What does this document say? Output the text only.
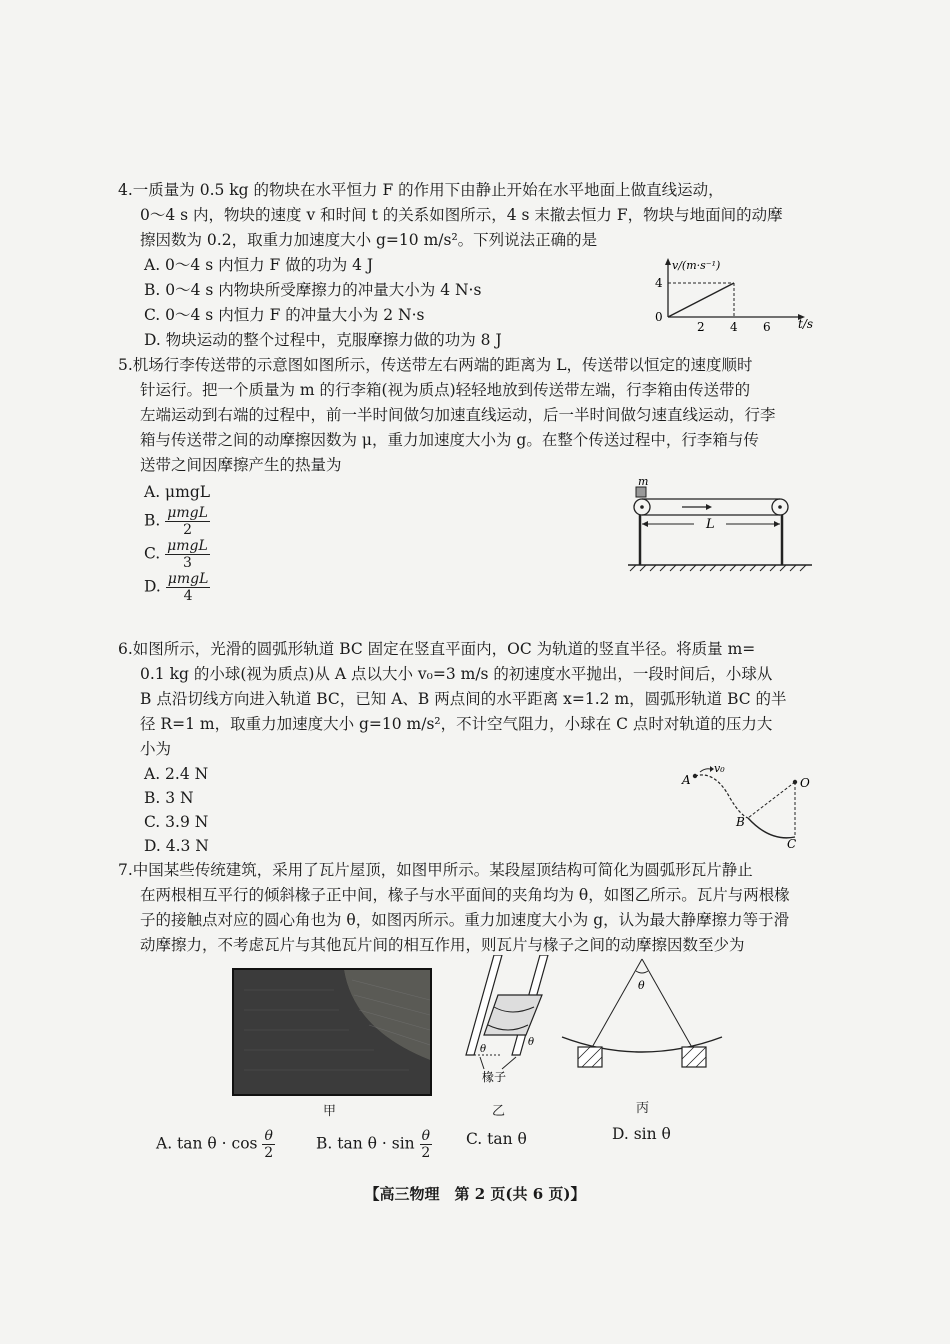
4.一质量为 0.5 kg 的物块在水平恒力 F 的作用下由静止开始在水平地面上做直线运动，

0～4 s 内，物块的速度 v 和时间 t 的关系如图所示，4 s 末撤去恒力 F，物块与地面间的动摩

擦因数为 0.2，取重力加速度大小 g=10 m/s²。下列说法正确的是

A. 0～4 s 内恒力 F 做的功为 4 J

B. 0～4 s 内物块所受摩擦力的冲量大小为 4 N·s

C. 0～4 s 内恒力 F 的冲量大小为 2 N·s

D. 物块运动的整个过程中，克服摩擦力做的功为 8 J

v/(m·s⁻¹)
t/s
4
0
2 4 6

5.机场行李传送带的示意图如图所示，传送带左右两端的距离为 L，传送带以恒定的速度顺时

针运行。把一个质量为 m 的行李箱(视为质点)轻轻地放到传送带左端，行李箱由传送带的

左端运动到右端的过程中，前一半时间做匀加速直线运动，后一半时间做匀速直线运动，行李

箱与传送带之间的动摩擦因数为 μ，重力加速度大小为 g。在整个传送过程中，行李箱与传

送带之间因摩擦产生的热量为

A. μmgL

B. $\frac{\text{μmgL}}{2}$

C. $\frac{\text{μmgL}}{3}$

D. $\frac{\text{μmgL}}{4}$

m
L

6.如图所示，光滑的圆弧形轨道 BC 固定在竖直平面内，OC 为轨道的竖直半径。将质量 m=

0.1 kg 的小球(视为质点)从 A 点以大小 v₀=3 m/s 的初速度水平抛出，一段时间后，小球从

B 点沿切线方向进入轨道 BC，已知 A、B 两点间的水平距离 x=1.2 m，圆弧形轨道 BC 的半

径 R=1 m，取重力加速度大小 g=10 m/s²，不计空气阻力，小球在 C 点时对轨道的压力大

小为

A. 2.4 N

B. 3 N

C. 3.9 N

D. 4.3 N

A
v₀
O
B
C

7.中国某些传统建筑，采用了瓦片屋顶，如图甲所示。某段屋顶结构可简化为圆弧形瓦片静止

在两根相互平行的倾斜椽子正中间，椽子与水平面间的夹角均为 θ，如图乙所示。瓦片与两根椽

子的接触点对应的圆心角也为 θ，如图丙所示。重力加速度大小为 g，认为最大静摩擦力等于滑

动摩擦力，不考虑瓦片与其他瓦片间的相互作用，则瓦片与椽子之间的动摩擦因数至少为

甲
θ
θ
椽子
乙
θ
丙
A. $\tan \theta \cdot \cos \frac{\theta}{2}$	B. $\tan \theta \cdot \sin \frac{\theta}{2} C$. tan θ	D. sin θ
【高三物理　第 2 页(共 6 页)】
